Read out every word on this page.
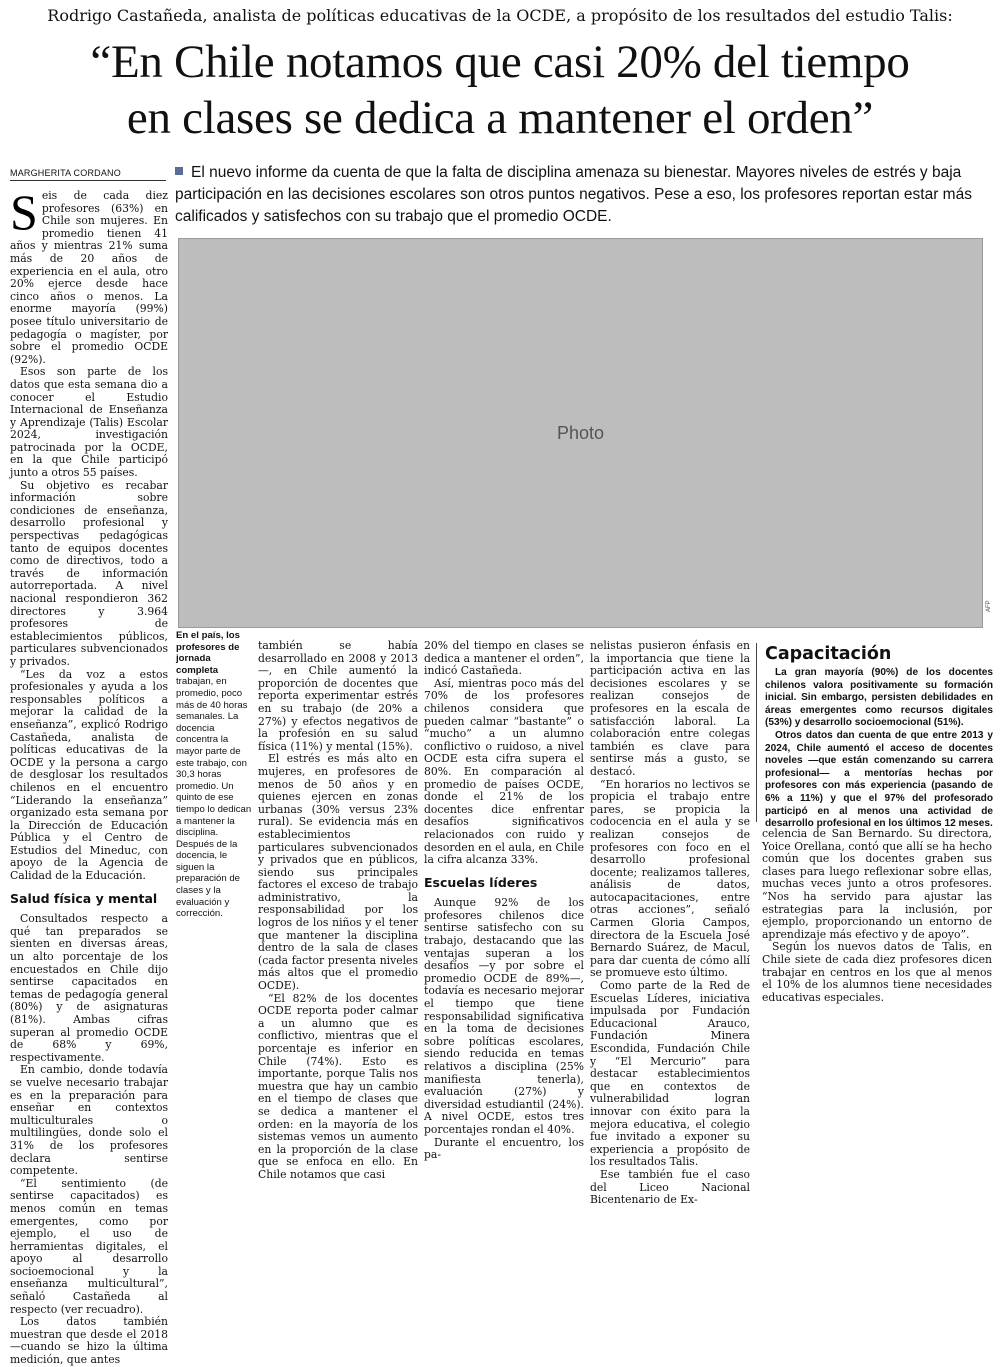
Rodrigo Castañeda, analista de políticas educativas de la OCDE, a propósito de los resultados del estudio Talis:
“En Chile notamos que casi 20% del tiempo
en clases se dedica a mantener el orden”
MARGHERITA CORDANO	El nuevo informe da cuenta de que la falta de disciplina amenaza su bienestar. Mayores niveles de estrés y baja participación en las decisiones escolares son otros puntos negativos. Pese a eso, los profesores reportan estar más calificados y satisfechos con su trabajo que el promedio OCDE.
Photo
AFP

Seis de cada diez profesores (63%) en Chile son mujeres. En promedio tienen 41 años y mientras 21% suma más de 20 años de experiencia en el aula, otro 20% ejerce desde hace cinco años o menos. La enorme mayoría (99%) posee título universitario de pedagogía o magíster, por sobre el promedio OCDE (92%).

Esos son parte de los datos que esta semana dio a conocer el Estudio Internacional de Enseñanza y Aprendizaje (Talis) Escolar 2024, investigación patrocinada por la OCDE, en la que Chile participó junto a otros 55 países.

Su objetivo es recabar información sobre condiciones de enseñanza, desarrollo profesional y perspectivas pedagógicas tanto de equipos docentes como de directivos, todo a través de información autorreportada. A nivel nacional respondieron 362 directores y 3.964 profesores de establecimientos públicos, particulares subvencionados y privados.

“Les da voz a estos profesionales y ayuda a los responsables políticos a mejorar la calidad de la enseñanza”, explicó Rodrigo Castañeda, analista de políticas educativas de la OCDE y la persona a cargo de desglosar los resultados chilenos en el encuentro “Liderando la enseñanza” organizado esta semana por la Dirección de Educación Pública y el Centro de Estudios del Mineduc, con apoyo de la Agencia de Calidad de la Educación.

Salud física y mental

Consultados respecto a qué tan preparados se sienten en diversas áreas, un alto porcentaje de los encuestados en Chile dijo sentirse capacitados en temas de pedagogía general (80%) y de asignaturas (81%). Ambas cifras superan al promedio OCDE de 68% y 69%, respectivamente.

En cambio, donde todavía se vuelve necesario trabajar es en la preparación para enseñar en contextos multiculturales o multilingües, donde solo el 31% de los profesores declara sentirse competente.

“El sentimiento (de sentirse capacitados) es menos común en temas emergentes, como por ejemplo, el uso de herramientas digitales, el apoyo al desarrollo socioemocional y la enseñanza multicultural”, señaló Castañeda al respecto (ver recuadro).

Los datos también muestran que desde el 2018 —cuando se hizo la última medición, que antes

En el país, los profesores de jornada completa trabajan, en promedio, poco más de 40 horas semanales. La docencia concentra la mayor parte de este trabajo, con 30,3 horas promedio. Un quinto de ese tiempo lo dedican a mantener la disciplina. Después de la docencia, le siguen la preparación de clases y la evaluación y corrección.

también se había desarrollado en 2008 y 2013—, en Chile aumentó la proporción de docentes que reporta experimentar estrés en su trabajo (de 20% a 27%) y efectos negativos de la profesión en su salud física (11%) y mental (15%).

El estrés es más alto en mujeres, en profesores de menos de 50 años y en quienes ejercen en zonas urbanas (30% versus 23% rural). Se evidencia más en establecimientos particulares subvencionados y privados que en públicos, siendo sus principales factores el exceso de trabajo administrativo, la responsabilidad por los logros de los niños y el tener que mantener la disciplina dentro de la sala de clases (cada factor presenta niveles más altos que el promedio OCDE).

“El 82% de los docentes OCDE reporta poder calmar a un alumno que es conflictivo, mientras que el porcentaje es inferior en Chile (74%). Esto es importante, porque Talis nos muestra que hay un cambio en el tiempo de clases que se dedica a mantener el orden: en la mayoría de los sistemas vemos un aumento en la proporción de la clase que se enfoca en ello. En Chile notamos que casi

20% del tiempo en clases se dedica a mantener el orden”, indicó Castañeda.

Así, mientras poco más del 70% de los profesores chilenos considera que pueden calmar “bastante” o “mucho” a un alumno conflictivo o ruidoso, a nivel OCDE esta cifra supera el 80%. En comparación al promedio de países OCDE, donde el 21% de los docentes dice enfrentar desafíos significativos relacionados con ruido y desorden en el aula, en Chile la cifra alcanza 33%.

Escuelas líderes

Aunque 92% de los profesores chilenos dice sentirse satisfecho con su trabajo, destacando que las ventajas superan a los desafíos —y por sobre el promedio OCDE de 89%—, todavía es necesario mejorar el tiempo que tiene responsabilidad significativa en la toma de decisiones sobre políticas escolares, siendo reducida en temas relativos a disciplina (25% manifiesta tenerla), evaluación (27%) y diversidad estudiantil (24%). A nivel OCDE, estos tres porcentajes rondan el 40%.

Durante el encuentro, los pa-

nelistas pusieron énfasis en la importancia que tiene la participación activa en las decisiones escolares y se realizan consejos de profesores en la escala de satisfacción laboral. La colaboración entre colegas también es clave para sentirse más a gusto, se destacó.

“En horarios no lectivos se propicia el trabajo entre pares, se propicia la codocencia en el aula y se realizan consejos de profesores con foco en el desarrollo profesional docente; realizamos talleres, análisis de datos, autocapacitaciones, entre otras acciones”, señaló Carmen Gloria Campos, directora de la Escuela José Bernardo Suárez, de Macul, para dar cuenta de cómo allí se promueve esto último.

Como parte de la Red de Escuelas Líderes, iniciativa impulsada por Fundación Educacional Arauco, Fundación Minera Escondida, Fundación Chile y “El Mercurio” para destacar establecimientos que en contextos de vulnerabilidad logran innovar con éxito para la mejora educativa, el colegio fue invitado a exponer su experiencia a propósito de los resultados Talis.

Ese también fue el caso del Liceo Nacional Bicentenario de Ex-

Capacitación

La gran mayoría (90%) de los docentes chilenos valora positivamente su formación inicial. Sin embargo, persisten debilidades en áreas emergentes como recursos digitales (53%) y desarrollo socioemocional (51%).

Otros datos dan cuenta de que entre 2013 y 2024, Chile aumentó el acceso de docentes noveles —que están comenzando su carrera profesional— a mentorías hechas por profesores con más experiencia (pasando de 6% a 11%) y que el 97% del profesorado participó en al menos una actividad de desarrollo profesional en los últimos 12 meses.

celencia de San Bernardo. Su directora, Yoice Orellana, contó que allí se ha hecho común que los docentes graben sus clases para luego reflexionar sobre ellas, muchas veces junto a otros profesores. “Nos ha servido para ajustar las estrategias para la inclusión, por ejemplo, proporcionando un entorno de aprendizaje más efectivo y de apoyo”.

Según los nuevos datos de Talis, en Chile siete de cada diez profesores dicen trabajar en centros en los que al menos el 10% de los alumnos tiene necesidades educativas especiales.
